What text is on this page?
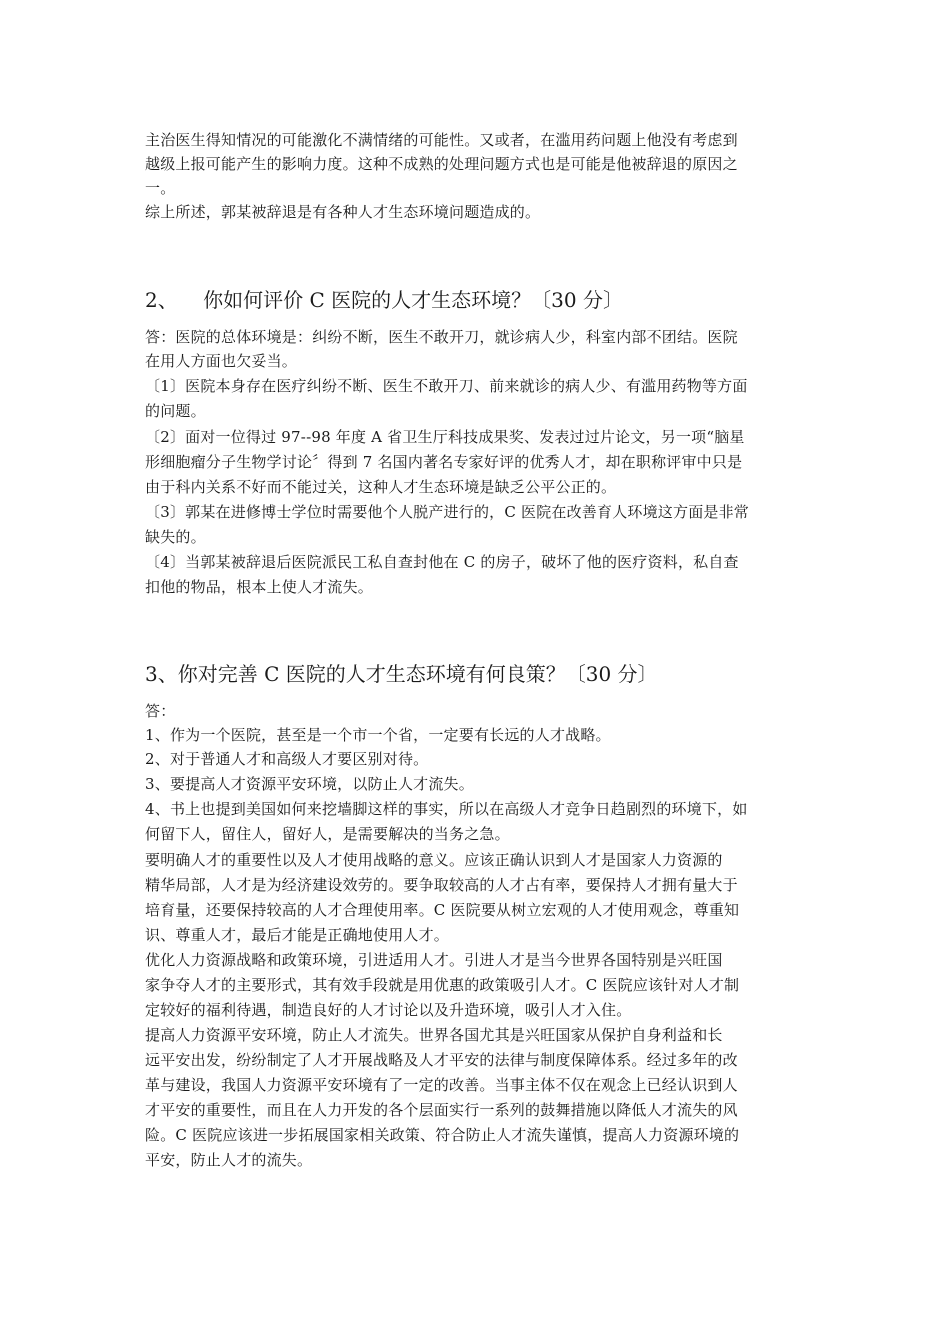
主治医生得知情况的可能激化不满情绪的可能性。又或者，在滥用药问题上他没有考虑到
越级上报可能产生的影响力度。这种不成熟的处理问题方式也是可能是他被辞退的原因之
一。
综上所述，郭某被辞退是有各种人才生态环境问题造成的。
2、    你如何评价 C 医院的人才生态环境？〔30 分〕
答：医院的总体环境是：纠纷不断，医生不敢开刀，就诊病人少，科室内部不团结。医院
在用人方面也欠妥当。
〔1〕医院本身存在医疗纠纷不断、医生不敢开刀、前来就诊的病人少、有滥用药物等方面
的问题。
〔2〕面对一位得过 97--98 年度 A 省卫生厅科技成果奖、发表过过片论文，另一项“脑星
形细胞瘤分子生物学讨论〞得到 7 名国内著名专家好评的优秀人才，却在职称评审中只是
由于科内关系不好而不能过关，这种人才生态环境是缺乏公平公正的。
〔3〕郭某在进修博士学位时需要他个人脱产进行的，C 医院在改善育人环境这方面是非常
缺失的。
〔4〕当郭某被辞退后医院派民工私自查封他在 C 的房子，破坏了他的医疗资料，私自查
扣他的物品，根本上使人才流失。
3、你对完善 C 医院的人才生态环境有何良策？〔30 分〕
答：
1、作为一个医院，甚至是一个市一个省，一定要有长远的人才战略。
2、对于普通人才和高级人才要区别对待。
3、要提高人才资源平安环境，以防止人才流失。
4、书上也提到美国如何来挖墙脚这样的事实，所以在高级人才竞争日趋剧烈的环境下，如
何留下人，留住人，留好人，是需要解决的当务之急。
要明确人才的重要性以及人才使用战略的意义。应该正确认识到人才是国家人力资源的
精华局部，人才是为经济建设效劳的。要争取较高的人才占有率，要保持人才拥有量大于
培育量，还要保持较高的人才合理使用率。C 医院要从树立宏观的人才使用观念，尊重知
识、尊重人才，最后才能是正确地使用人才。
优化人力资源战略和政策环境，引进适用人才。引进人才是当今世界各国特别是兴旺国
家争夺人才的主要形式，其有效手段就是用优惠的政策吸引人才。C 医院应该针对人才制
定较好的福利待遇，制造良好的人才讨论以及升造环境，吸引人才入住。
提高人力资源平安环境，防止人才流失。世界各国尤其是兴旺国家从保护自身利益和长
远平安出发，纷纷制定了人才开展战略及人才平安的法律与制度保障体系。经过多年的改
革与建设，我国人力资源平安环境有了一定的改善。当事主体不仅在观念上已经认识到人
才平安的重要性，而且在人力开发的各个层面实行一系列的鼓舞措施以降低人才流失的风
险。C 医院应该进一步拓展国家相关政策、符合防止人才流失谨慎，提高人力资源环境的
平安，防止人才的流失。
